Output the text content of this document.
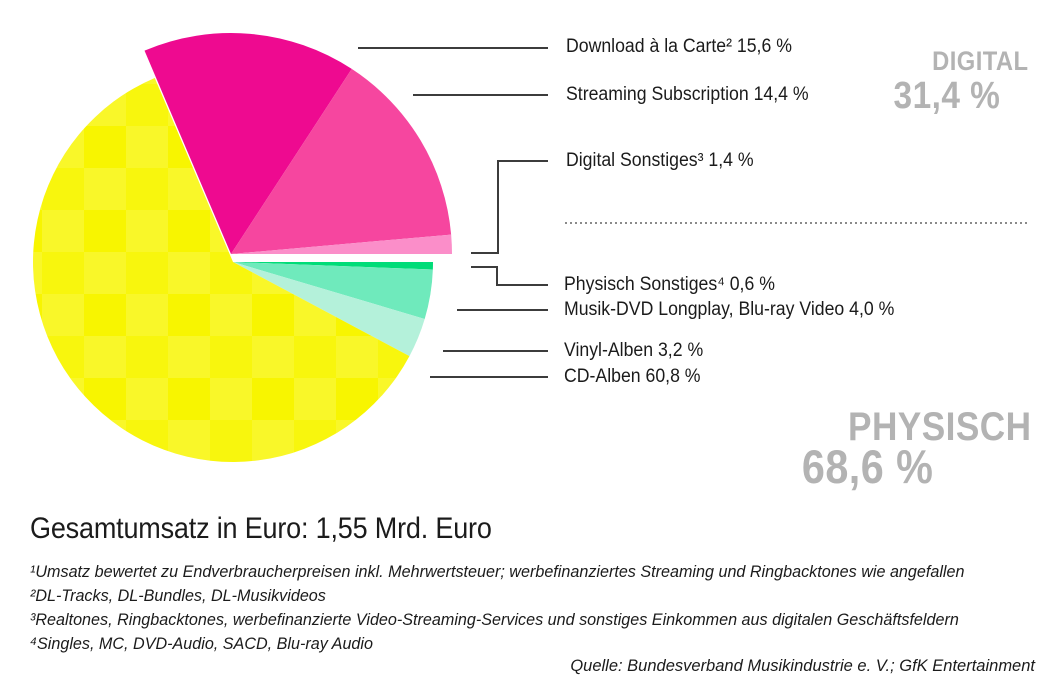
Download à la Carte² 15,6 %
Streaming Subscription 14,4 %
Digital Sonstiges³ 1,4 %
Physisch Sonstiges⁴ 0,6 %
Musik-DVD Longplay, Blu-ray Video 4,0 %
Vinyl-Alben 3,2 %
CD-Alben 60,8 %
DIGITAL
31,4 %
PHYSISCH
68,6 %
Gesamtumsatz in Euro: 1,55 Mrd. Euro
¹Umsatz bewertet zu Endverbraucherpreisen inkl. Mehrwertsteuer; werbefinanziertes Streaming und Ringbacktones wie angefallen
²DL-Tracks, DL-Bundles, DL-Musikvideos
³Realtones, Ringbacktones, werbefinanzierte Video-Streaming-Services und sonstiges Einkommen aus digitalen Geschäftsfeldern
⁴Singles, MC, DVD-Audio, SACD, Blu-ray Audio
Quelle: Bundesverband Musikindustrie e. V.; GfK Entertainment
